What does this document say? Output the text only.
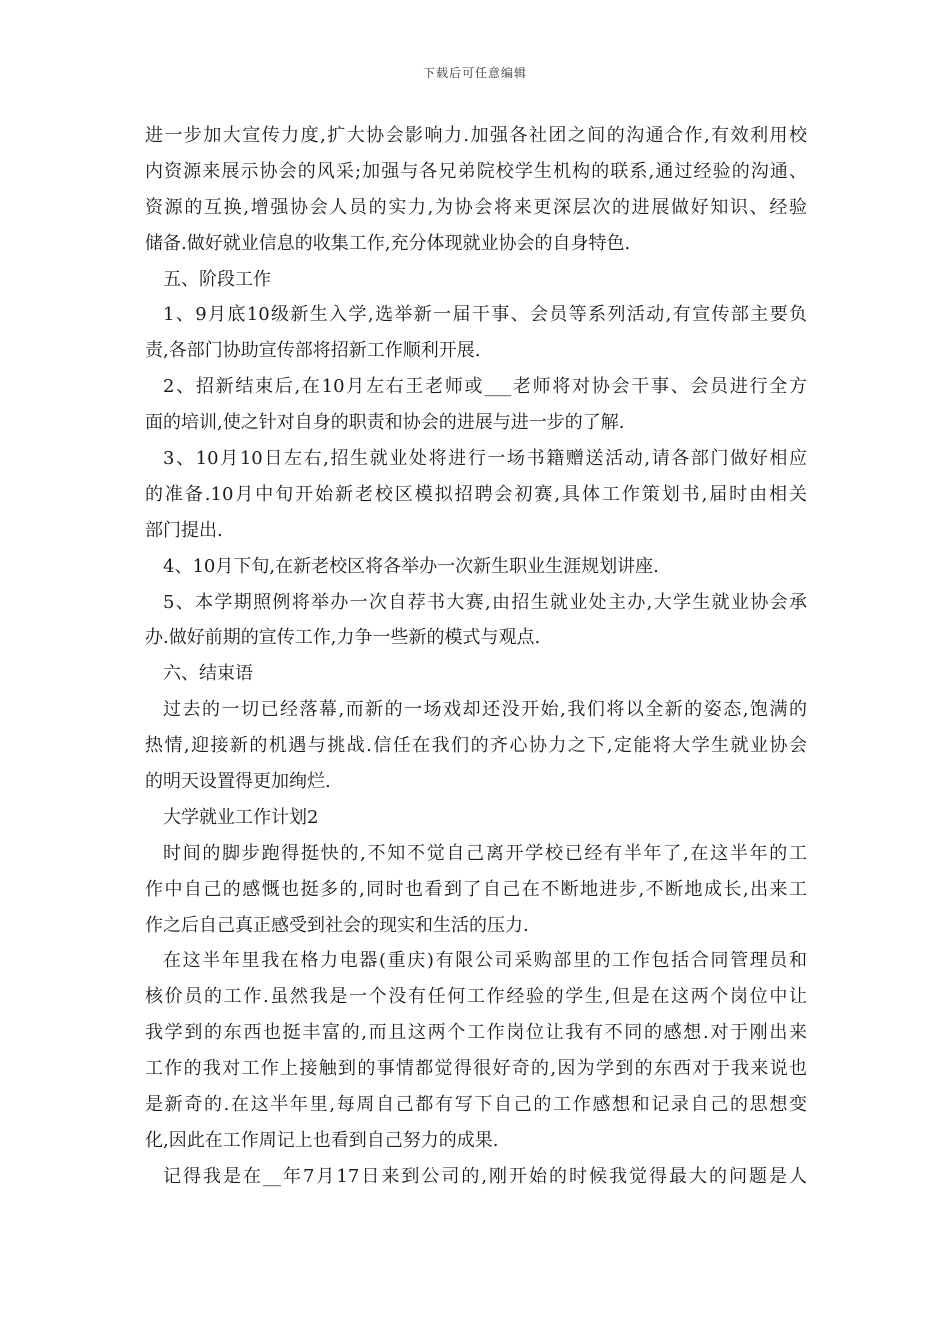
下载后可任意编辑
进一步加大宣传力度,扩大协会影响力.加强各社团之间的沟通合作,有效利用校
内资源来展示协会的风采;加强与各兄弟院校学生机构的联系,通过经验的沟通、
资源的互换,增强协会人员的实力,为协会将来更深层次的进展做好知识、经验
储备.做好就业信息的收集工作,充分体现就业协会的自身特色.
五、阶段工作
1、9月底10级新生入学,选举新一届干事、会员等系列活动,有宣传部主要负
责,各部门协助宣传部将招新工作顺利开展.
2、招新结束后,在10月左右王老师或___老师将对协会干事、会员进行全方
面的培训,使之针对自身的职责和协会的进展与进一步的了解.
3、10月10日左右,招生就业处将进行一场书籍赠送活动,请各部门做好相应
的准备.10月中旬开始新老校区模拟招聘会初赛,具体工作策划书,届时由相关
部门提出.
4、10月下旬,在新老校区将各举办一次新生职业生涯规划讲座.
5、本学期照例将举办一次自荐书大赛,由招生就业处主办,大学生就业协会承
办.做好前期的宣传工作,力争一些新的模式与观点.
六、结束语
过去的一切已经落幕,而新的一场戏却还没开始,我们将以全新的姿态,饱满的
热情,迎接新的机遇与挑战.信任在我们的齐心协力之下,定能将大学生就业协会
的明天设置得更加绚烂.
大学就业工作计划2
时间的脚步跑得挺快的,不知不觉自己离开学校已经有半年了,在这半年的工
作中自己的感慨也挺多的,同时也看到了自己在不断地进步,不断地成长,出来工
作之后自己真正感受到社会的现实和生活的压力.
在这半年里我在格力电器(重庆)有限公司采购部里的工作包括合同管理员和
核价员的工作.虽然我是一个没有任何工作经验的学生,但是在这两个岗位中让
我学到的东西也挺丰富的,而且这两个工作岗位让我有不同的感想.对于刚出来
工作的我对工作上接触到的事情都觉得很好奇的,因为学到的东西对于我来说也
是新奇的.在这半年里,每周自己都有写下自己的工作感想和记录自己的思想变
化,因此在工作周记上也看到自己努力的成果.
记得我是在__年7月17日来到公司的,刚开始的时候我觉得最大的问题是人
